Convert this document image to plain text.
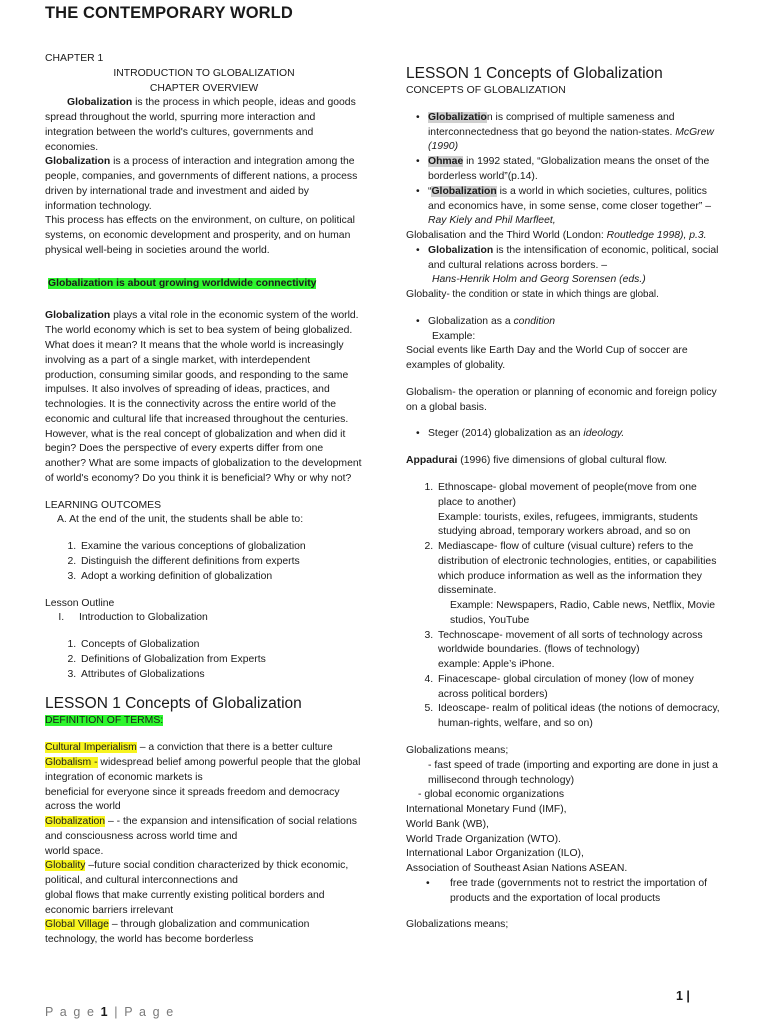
THE CONTEMPORARY WORLD

CHAPTER 1

INTRODUCTION TO GLOBALIZATION

CHAPTER OVERVIEW

Globalization is the process in which people, ideas and goods spread throughout the world, spurring more interaction and integration between the world's cultures, governments and economies.

Globalization is a process of interaction and integration among the people, companies, and governments of different nations, a process driven by international trade and investment and aided by information technology.

This process has effects on the environment, on culture, on political systems, on economic development and prosperity, and on human physical well-being in societies around the world.

Globalization is about growing worldwide connectivity

Globalization plays a vital role in the economic system of the world. The world economy which is set to bea system of being globalized. What does it mean? It means that the whole world is increasingly involving as a part of a single market, with interdependent production, consuming similar goods, and responding to the same impulses. It also involves of spreading of ideas, practices, and technologies. It is the connectivity across the entire world of the economic and cultural life that increased throughout the centuries. However, what is the real concept of globalization and when did it begin? Does the perspective of every experts differ from one another? What are some impacts of globalization to the development of world's economy? Do you think it is beneficial? Why or why not?

LEARNING OUTCOMES

A. At the end of the unit, the students shall be able to:

1. Examine the various conceptions of globalization
2. Distinguish the different definitions from experts
3. Adopt a working definition of globalization

Lesson Outline

I. Introduction to Globalization
1. Concepts of Globalization
2. Definitions of Globalization from Experts
3. Attributes of Globalizations
LESSON 1 Concepts of Globalization

DEFINITION OF TERMS:

Cultural Imperialism – a conviction that there is a better culture

Globalism - widespread belief among powerful people that the global integration of economic markets is

beneficial for everyone since it spreads freedom and democracy across the world

Globalization – - the expansion and intensification of social relations and consciousness across world time and

world space.

Globality –future social condition characterized by thick economic, political, and cultural interconnections and

global flows that make currently existing political borders and economic barriers irrelevant

Global Village – through globalization and communication technology, the world has become borderless

LESSON 1 Concepts of Globalization

CONCEPTS OF GLOBALIZATION

• Globalization is comprised of multiple sameness and interconnectedness that go beyond the nation-states. McGrew (1990)
• Ohmae in 1992 stated, “Globalization means the onset of the borderless world”(p.14).
• “Globalization is a world in which societies, cultures, politics and economics have, in some sense, come closer together” – Ray Kiely and Phil Marfleet,

Globalisation and the Third World (London: Routledge 1998), p.3.

• Globalization is the intensification of economic, political, social and cultural relations across borders. –

Hans-Henrik Holm and Georg Sorensen (eds.)

Globality- the condition or state in which things are global.

• Globalization as a condition

Example:

Social events like Earth Day and the World Cup of soccer are examples of globality.

Globalism- the operation or planning of economic and foreign policy on a global basis.

• Steger (2014) globalization as an ideology.

Appadurai (1996) five dimensions of global cultural flow.

1. Ethnoscape- global movement of people(move from one place to another)
Example: tourists, exiles, refugees, immigrants, students studying abroad, temporary workers abroad, and so on
2. Mediascape- flow of culture (visual culture) refers to the distribution of electronic technologies, entities, or capabilities which produce information as well as the information they disseminate.
Example: Newspapers, Radio, Cable news, Netflix, Movie studios, YouTube
3. Technoscape- movement of all sorts of technology across worldwide boundaries. (flows of technology)
example: Apple’s iPhone.
4. Finacescape- global circulation of money (low of money across political borders)
5. Ideoscape- realm of political ideas (the notions of democracy, human-rights, welfare, and so on)

Globalizations means;

- fast speed of trade (importing and exporting are done in just a millisecond through technology)

- global economic organizations

International Monetary Fund (IMF),

World Bank (WB),

World Trade Organization (WTO).

International Labor Organization (ILO),

Association of Southeast Asian Nations ASEAN.

• free trade (governments not to restrict the importation of products and the exportation of local products

Globalizations means;

1 |
P a g e 1 | P a g e
